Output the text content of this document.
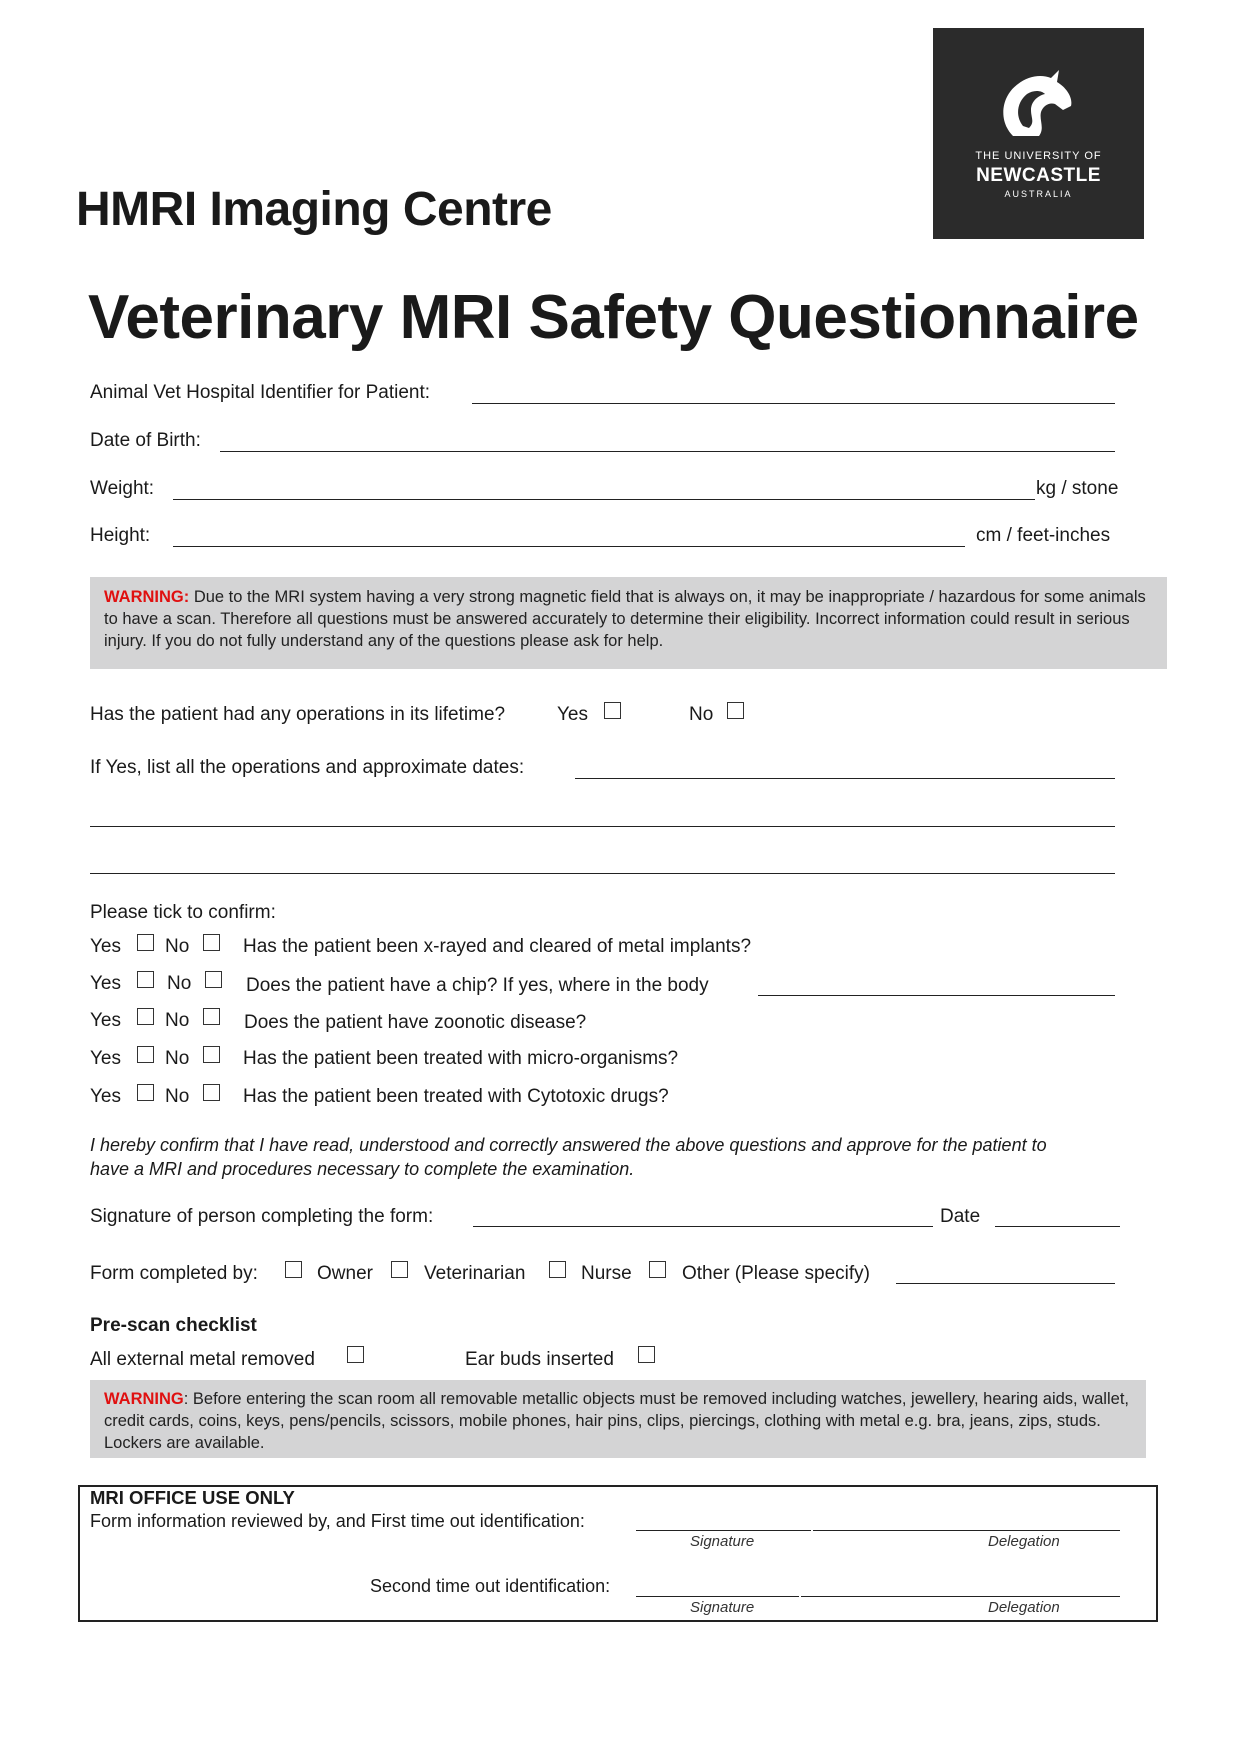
THE UNIVERSITY OF
NEWCASTLE
AUSTRALIA
HMRI Imaging Centre
Veterinary MRI Safety Questionnaire
Animal Vet Hospital Identifier for Patient:
Date of Birth:
Weight:	kg / stone
Height:	cm / feet-inches

WARNING: Due to the MRI system having a very strong magnetic field that is always on, it may be inappropriate / hazardous for some animals to have a scan. Therefore all questions must be answered accurately to determine their eligibility. Incorrect information could result in serious injury. If you do not fully understand any of the questions please ask for help.

Has the patient had any operations in its lifetime?	Yes	No
If Yes, list all the operations and approximate dates:
Please tick to confirm:
Yes No	Has the patient been x-rayed and cleared of metal implants?
Yes No	Does the patient have a chip? If yes, where in the body
Yes No	Does the patient have zoonotic disease?
Yes No	Has the patient been treated with micro-organisms?
Yes No	Has the patient been treated with Cytotoxic drugs?
I hereby confirm that I have read, understood and correctly answered the above questions and approve for the patient to
have a MRI and procedures necessary to complete the examination.
Signature of person completing the form:	Date
Form completed by:	Owner	Veterinarian	Nurse	Other (Please specify)
Pre-scan checklist
All external metal removed	Ear buds inserted

WARNING: Before entering the scan room all removable metallic objects must be removed including watches, jewellery, hearing aids, wallet, credit cards, coins, keys, pens/pencils, scissors, mobile phones, hair pins, clips, piercings, clothing with metal e.g. bra, jeans, zips, studs. Lockers are available.

MRI OFFICE USE ONLY
Form information reviewed by, and First time out identification:
Signature	Delegation
Second time out identification:
Signature	Delegation
